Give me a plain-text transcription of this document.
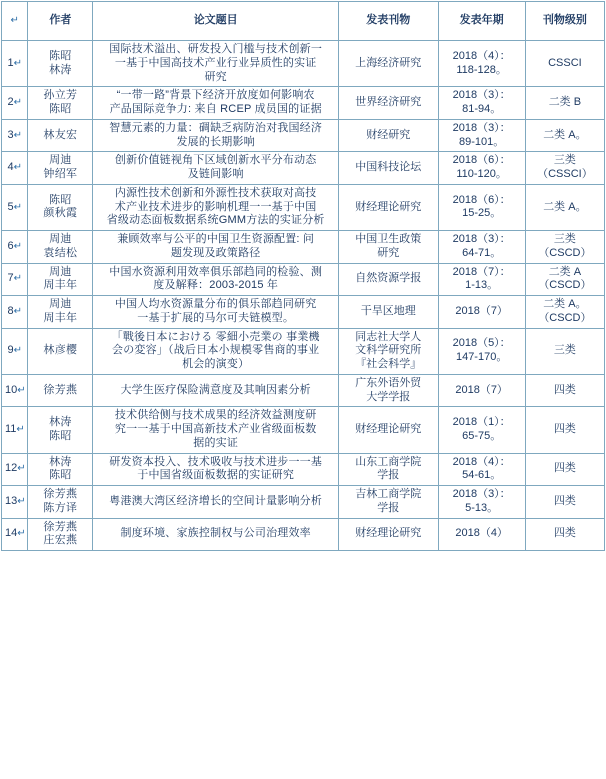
↵	作者	论文题目	发表刊物	发表年期	刊物级别
1↵	陈昭
林涛	国际技术溢出、研发投入门槛与技术创新一
一基于中国高技术产业行业异质性的实证
研究	上海经济研究	2018（4）：
118-128。	CSSCI
2↵	孙立芳
陈昭	“一带一路”背景下经济开放度如何影响农
产品国际竞争力: 来自 RCEP 成员国的证据	世界经济研究	2018（3）：
81-94。	二类 B
3↵	林友宏	智慧元素的力量：碉缺乏病防治对我国经济
发展的长期影响	财经研究	2018（3）：
89-101。	二类 A。
4↵	周迪
钟绍军	创新价值链视角下区域创新水平分布动态
及链间影响	中国科技论坛	2018（6）：
110-120。	三类
（CSSCI）
5↵	陈昭
颜秋霞	内源性技术创新和外源性技术获取对高技
术产业技术进步的影响机理一一基于中国
省级动态面板数据系统GMM方法的实证分析	财经理论研究	2018（6）：
15-25。	二类 A。
6↵	周迪
袁结松	兼顾效率与公平的中国卫生资源配置: 问
题发现及政策路径	中国卫生政策
研究	2018（3）：
64-71。	三类
（CSCD）
7↵	周迪
周丰年	中国水资源利用效率俱乐部趋同的检验、测
度及解释：2003-2015 年	自然资源学报	2018（7）：
1-13。	二类 A
（CSCD）
8↵	周迪
周丰年	中国人均水资源量分布的俱乐部趋同研究
一基于扩展的马尔可夫链模型。	干旱区地理	2018（7）	二类 A。
（CSCD）
9↵	林彦樱	「戰後日本における 零細小売業の 事業機
会の変容」（战后日本小规模零售商的事业
机会的演变）	同志社大学人
文科学研究所
『社会科学』	2018（5）：
147-170。	三类
10↵	徐芳燕	大学生医疗保险满意度及其响因素分析	广东外语外贸
大学学报	2018（7）	四类
11↵	林涛
陈昭	技术供给侧与技术成果的经济效益测度研
究一一基于中国高新技术产业省级面板数
据的实证	财经理论研究	2018（1）：
65-75。	四类
12↵	林涛
陈昭	研发资本投入、技术吸收与技术进步一一基
于中国省级面板数据的实证研究	山东工商学院
学报	2018（4）：
54-61。	四类
13↵	徐芳燕
陈方译	粤港澳大湾区经济增长的空间计量影响分析	吉林工商学院
学报	2018（3）：
5-13。	四类
14↵	徐芳燕
庄宏燕	制度环境、家族控制权与公司治理效率	财经理论研究	2018（4）	四类
